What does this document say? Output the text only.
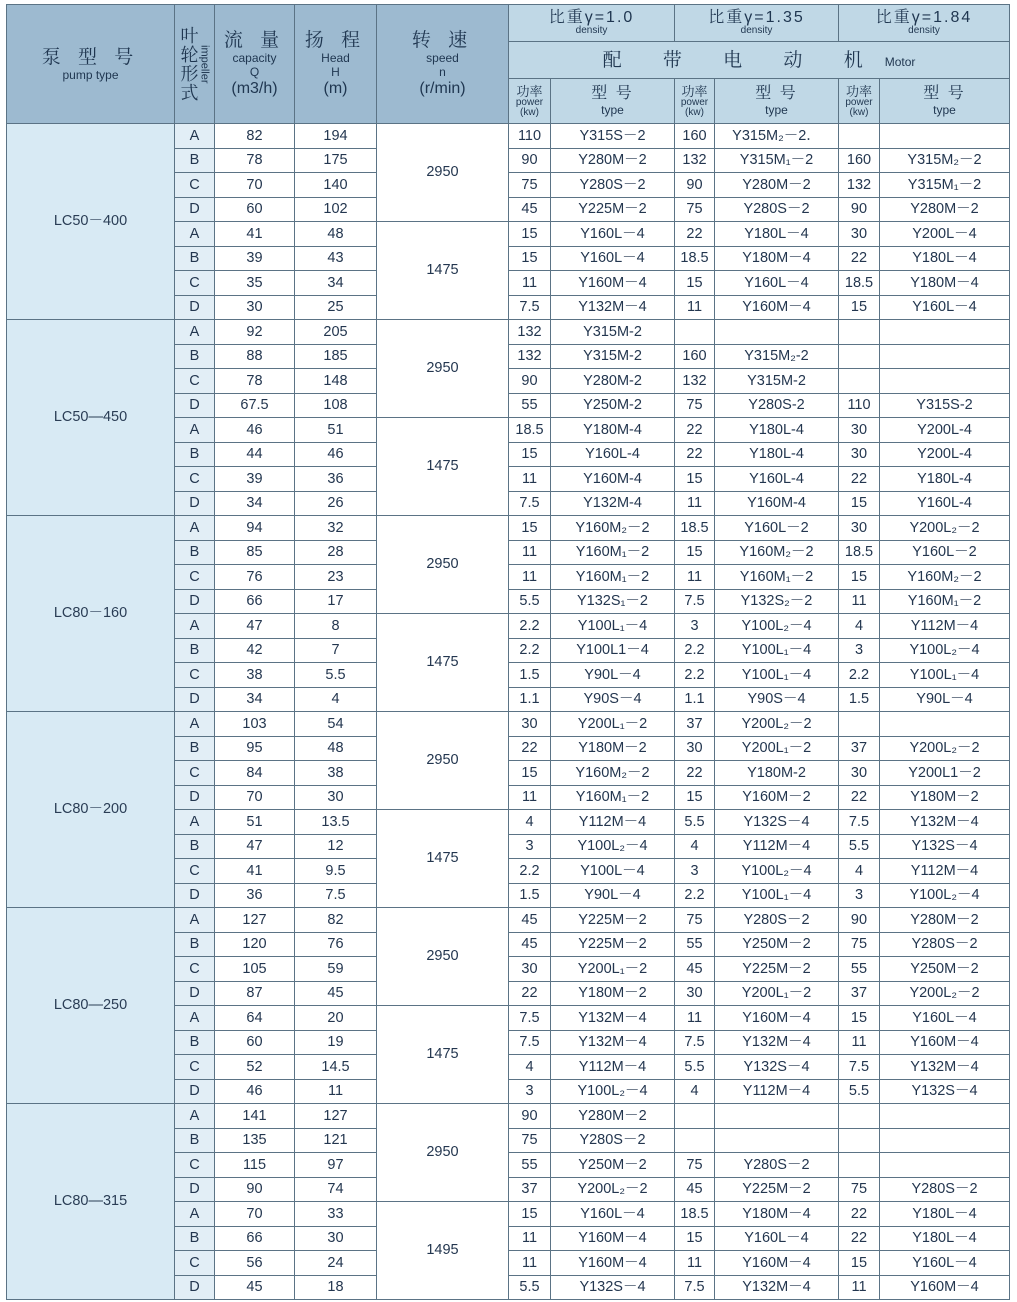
泵 型 号
pump type	叶轮形式 impeller	流 量
capacity
Q
(m3/h)	扬 程
Head
H
(m)	转 速
speed
n
(r/min)	比重γ=1.0
density		比重γ=1.35
density		比重γ=1.84
density	

					配 带 电 动 机 Motor					

					功率
power
(kw)	型 号
type	功率
power
(kw)	型 号
type	功率
power
(kw)	型 号
type

LC50－400	A	82	194	2950	110	Y315S－2	160	Y315M₂－2．		
	B	78	175		90	Y280M－2	132	Y315M₁－2	160	Y315M₂－2
	C	70	140		75	Y280S－2	90	Y280M－2	132	Y315M₁－2
	D	60	102		45	Y225M－2	75	Y280S－2	90	Y280M－2
	A	41	48	1475	15	Y160L－4	22	Y180L－4	30	Y200L－4
	B	39	43		15	Y160L－4	18.5	Y180M－4	22	Y180L－4
	C	35	34		11	Y160M－4	15	Y160L－4	18.5	Y180M－4
	D	30	25		7.5	Y132M－4	11	Y160M－4	15	Y160L－4
LC50—450	A	92	205	2950	132	Y315M-2				
	B	88	185		132	Y315M-2	160	Y315M₂-2		
	C	78	148		90	Y280M-2	132	Y315M-2		
	D	67.5	108		55	Y250M-2	75	Y280S-2	110	Y315S-2
	A	46	51	1475	18.5	Y180M-4	22	Y180L-4	30	Y200L-4
	B	44	46		15	Y160L-4	22	Y180L-4	30	Y200L-4
	C	39	36		11	Y160M-4	15	Y160L-4	22	Y180L-4
	D	34	26		7.5	Y132M-4	11	Y160M-4	15	Y160L-4
LC80－160	A	94	32	2950	15	Y160M₂－2	18.5	Y160L－2	30	Y200L₂－2
	B	85	28		11	Y160M₁－2	15	Y160M₂－2	18.5	Y160L－2
	C	76	23		11	Y160M₁－2	11	Y160M₁－2	15	Y160M₂－2
	D	66	17		5.5	Y132S₁－2	7.5	Y132S₂－2	11	Y160M₁－2
	A	47	8	1475	2.2	Y100L₁－4	3	Y100L₂－4	4	Y112M－4
	B	42	7		2.2	Y100L1－4	2.2	Y100L₁－4	3	Y100L₂－4
	C	38	5.5		1.5	Y90L－4	2.2	Y100L₁－4	2.2	Y100L₁－4
	D	34	4		1.1	Y90S－4	1.1	Y90S－4	1.5	Y90L－4
LC80－200	A	103	54	2950	30	Y200L₁－2	37	Y200L₂－2		
	B	95	48		22	Y180M－2	30	Y200L₁－2	37	Y200L₂－2
	C	84	38		15	Y160M₂－2	22	Y180M-2	30	Y200L1－2
	D	70	30		11	Y160M₁－2	15	Y160M－2	22	Y180M－2
	A	51	13.5	1475	4	Y112M－4	5.5	Y132S－4	7.5	Y132M－4
	B	47	12		3	Y100L₂－4	4	Y112M－4	5.5	Y132S－4
	C	41	9.5		2.2	Y100L－4	3	Y100L₂－4	4	Y112M－4
	D	36	7.5		1.5	Y90L－4	2.2	Y100L₁－4	3	Y100L₂－4
LC80—250	A	127	82	2950	45	Y225M－2	75	Y280S－2	90	Y280M－2
	B	120	76		45	Y225M－2	55	Y250M－2	75	Y280S－2
	C	105	59		30	Y200L₁－2	45	Y225M－2	55	Y250M－2
	D	87	45		22	Y180M－2	30	Y200L₁－2	37	Y200L₂－2
	A	64	20	1475	7.5	Y132M－4	11	Y160M－4	15	Y160L－4
	B	60	19		7.5	Y132M－4	7.5	Y132M－4	11	Y160M－4
	C	52	14.5		4	Y112M－4	5.5	Y132S－4	7.5	Y132M－4
	D	46	11		3	Y100L₂－4	4	Y112M－4	5.5	Y132S－4
LC80—315	A	141	127	2950	90	Y280M－2				
	B	135	121		75	Y280S－2				
	C	115	97		55	Y250M－2	75	Y280S－2		
	D	90	74		37	Y200L₂－2	45	Y225M－2	75	Y280S－2
	A	70	33	1495	15	Y160L－4	18.5	Y180M－4	22	Y180L－4
	B	66	30		11	Y160M－4	15	Y160L－4	22	Y180L－4
	C	56	24		11	Y160M－4	11	Y160M－4	15	Y160L－4
	D	45	18		5.5	Y132S－4	7.5	Y132M－4	11	Y160M－4
